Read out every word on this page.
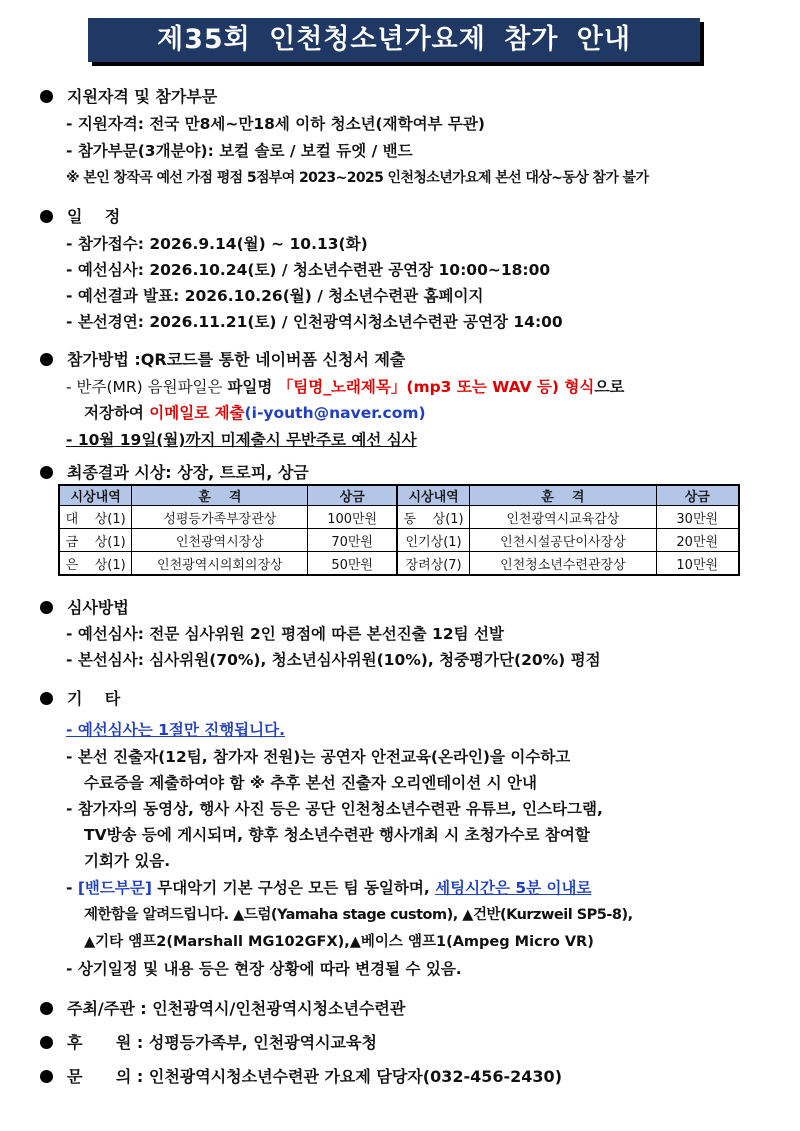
제35회 인천청소년가요제 참가 안내
지원자격 및 참가부문
- 지원자격: 전국 만8세~만18세 이하 청소년(재학여부 무관)
- 참가부문(3개분야): 보컬 솔로 / 보컬 듀엣 / 밴드
※ 본인 창작곡 예선 가점 평점 5점부여 2023~2025 인천청소년가요제 본선 대상~동상 참가 불가
일    정
- 참가접수: 2026.9.14(월) ~ 10.13(화)
- 예선심사: 2026.10.24(토) / 청소년수련관 공연장 10:00~18:00
- 예선결과 발표: 2026.10.26(월) / 청소년수련관 홈페이지
- 본선경연: 2026.11.21(토) / 인천광역시청소년수련관 공연장 14:00
참가방법 :QR코드를 통한 네이버폼 신청서 제출
- 반주(MR) 음원파일은 파일명 「팀명_노래제목」(mp3 또는 WAV 등) 형식으로
저장하여 이메일로 제출(i-youth@naver.com)
- 10월 19일(월)까지 미제출시 무반주로 예선 심사
최종결과 시상: 상장, 트로피, 상금
시상내역	훈    격	상금	시상내역	훈    격	상금
대    상(1)	성평등가족부장관상	100만원	동    상(1)	인천광역시교육감상	30만원
금    상(1)	인천광역시장상	70만원	인기상(1)	인천시설공단이사장상	20만원
은    상(1)	인천광역시의회의장상	50만원	장려상(7)	인천청소년수련관장상	10만원
심사방법
- 예선심사: 전문 심사위원 2인 평점에 따른 본선진출 12팀 선발
- 본선심사: 심사위원(70%), 청소년심사위원(10%), 청중평가단(20%) 평점
기    타
- 예선심사는 1절만 진행됩니다.
- 본선 진출자(12팀, 참가자 전원)는 공연자 안전교육(온라인)을 이수하고
수료증을 제출하여야 함 ※ 추후 본선 진출자 오리엔테이션 시 안내
- 참가자의 동영상, 행사 사진 등은 공단 인천청소년수련관 유튜브, 인스타그램,
TV방송 등에 게시되며, 향후 청소년수련관 행사개최 시 초청가수로 참여할
기회가 있음.
- [밴드부문] 무대악기 기본 구성은 모든 팀 동일하며, 세팅시간은 5분 이내로
제한함을 알려드립니다. ▲드럼(Yamaha stage custom), ▲건반(Kurzweil SP5-8),
▲기타 앰프2(Marshall MG102GFX),▲베이스 앰프1(Ampeg Micro VR)
- 상기일정 및 내용 등은 현장 상황에 따라 변경될 수 있음.
주최/주관 : 인천광역시/인천광역시청소년수련관
후      원 : 성평등가족부, 인천광역시교육청
문      의 : 인천광역시청소년수련관 가요제 담당자(032-456-2430)
